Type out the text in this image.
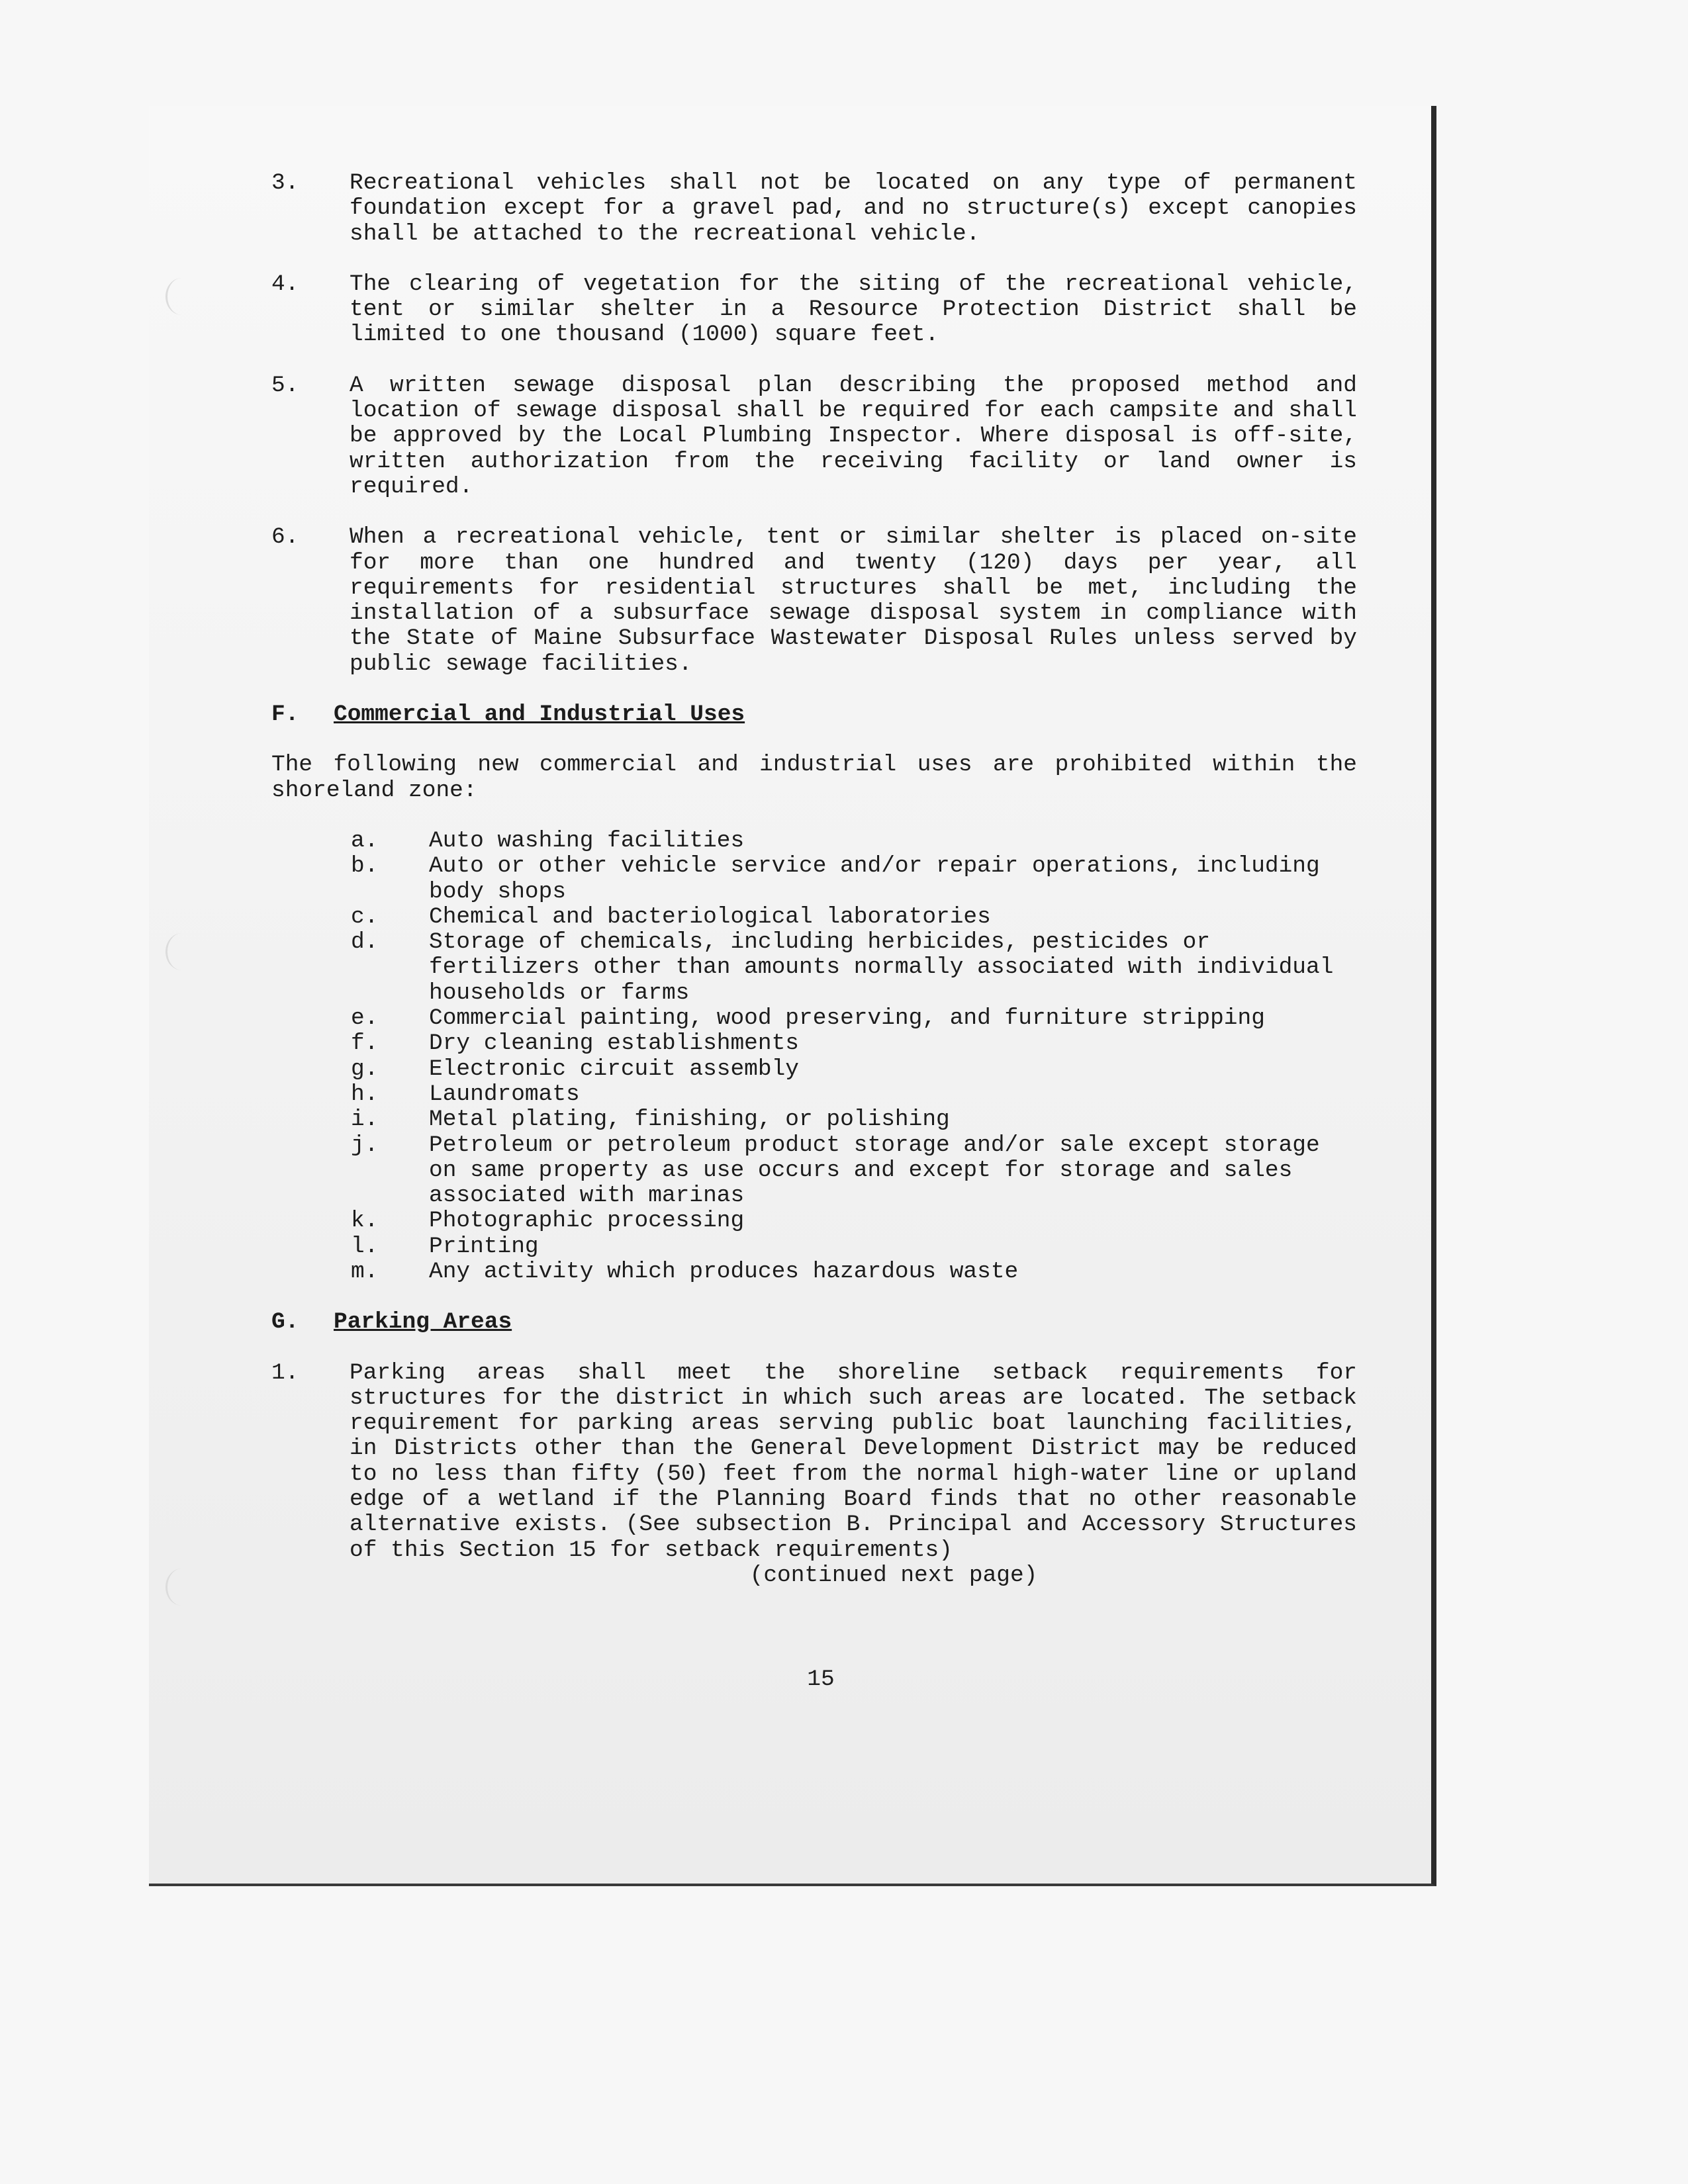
3. Recreational vehicles shall not be located on any type of permanent foundation except for a gravel pad, and no structure(s) except canopies shall be attached to the recreational vehicle.
4. The clearing of vegetation for the siting of the recreational vehicle, tent or similar shelter in a Resource Protection District shall be limited to one thousand (1000) square feet.
5. A written sewage disposal plan describing the proposed method and location of sewage disposal shall be required for each campsite and shall be approved by the Local Plumbing Inspector. Where disposal is off-site, written authorization from the receiving facility or land owner is required.
6. When a recreational vehicle, tent or similar shelter is placed on-site for more than one hundred and twenty (120) days per year, all requirements for residential structures shall be met, including the installation of a subsurface sewage disposal system in compliance with the State of Maine Subsurface Wastewater Disposal Rules unless served by public sewage facilities.
F. Commercial and Industrial Uses
The following new commercial and industrial uses are prohibited within the shoreland zone:
a. Auto washing facilities
b. Auto or other vehicle service and/or repair operations, including body shops
c. Chemical and bacteriological laboratories
d. Storage of chemicals, including herbicides, pesticides or fertilizers other than amounts normally associated with individual households or farms
e. Commercial painting, wood preserving, and furniture stripping
f. Dry cleaning establishments
g. Electronic circuit assembly
h. Laundromats
i. Metal plating, finishing, or polishing
j. Petroleum or petroleum product storage and/or sale except storage on same property as use occurs and except for storage and sales associated with marinas
k. Photographic processing
l. Printing
m. Any activity which produces hazardous waste
G. Parking Areas
1. Parking areas shall meet the shoreline setback requirements for structures for the district in which such areas are located. The setback requirement for parking areas serving public boat launching facilities, in Districts other than the General Development District may be reduced to no less than fifty (50) feet from the normal high-water line or upland edge of a wetland if the Planning Board finds that no other reasonable alternative exists. (See subsection B. Principal and Accessory Structures of this Section 15 for setback requirements)
(continued next page)
15
